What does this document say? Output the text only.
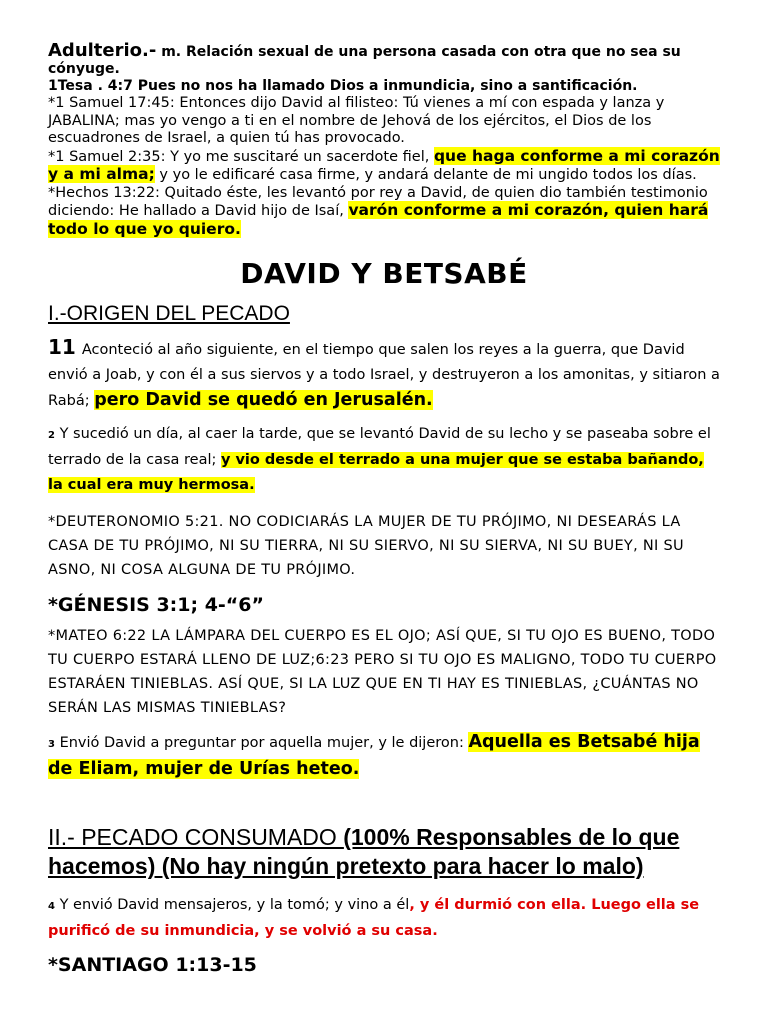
Adulterio.- m. Relación sexual de una persona casada con otra que no sea su cónyuge.
1Tesa . 4:7 Pues no nos ha llamado Dios a inmundicia, sino a santificación.

*1 Samuel 17:45: Entonces dijo David al filisteo: Tú vienes a mí con espada y lanza y JABALINA; mas yo vengo a ti en el nombre de Jehová de los ejércitos, el Dios de los escuadrones de Israel, a quien tú has provocado.

*1 Samuel 2:35: Y yo me suscitaré un sacerdote fiel, que haga conforme a mi corazón y a mi alma; y yo le edificaré casa firme, y andará delante de mi ungido todos los días.

*Hechos 13:22: Quitado éste, les levantó por rey a David, de quien dio también testimonio diciendo: He hallado a David hijo de Isaí, varón conforme a mi corazón, quien hará todo lo que yo quiero.

DAVID Y BETSABÉ

I.-ORIGEN DEL PECADO

11 Aconteció al año siguiente, en el tiempo que salen los reyes a la guerra, que David envió a Joab, y con él a sus siervos y a todo Israel, y destruyeron a los amonitas, y sitiaron a Rabá; pero David se quedó en Jerusalén.

2 Y sucedió un día, al caer la tarde, que se levantó David de su lecho y se paseaba sobre el terrado de la casa real; y vio desde el terrado a una mujer que se estaba bañando, la cual era muy hermosa.

*DEUTERONOMIO 5:21. NO CODICIARÁS LA MUJER DE TU PRÓJIMO, NI DESEARÁS LA CASA DE TU PRÓJIMO, NI SU TIERRA, NI SU SIERVO, NI SU SIERVA, NI SU BUEY, NI SU ASNO, NI COSA ALGUNA DE TU PRÓJIMO.

*GÉNESIS 3:1; 4-“6”

*MATEO 6:22 LA LÁMPARA DEL CUERPO ES EL OJO; ASÍ QUE, SI TU OJO ES BUENO, TODO TU CUERPO ESTARÁ LLENO DE LUZ;6:23 PERO SI TU OJO ES MALIGNO, TODO TU CUERPO ESTARÁEN TINIEBLAS. ASÍ QUE, SI LA LUZ QUE EN TI HAY ES TINIEBLAS, ¿CUÁNTAS NO SERÁN LAS MISMAS TINIEBLAS?

3 Envió David a preguntar por aquella mujer, y le dijeron: Aquella es Betsabé hija de Eliam, mujer de Urías heteo.

II.- PECADO CONSUMADO (100% Responsables de lo que hacemos) (No hay ningún pretexto para hacer lo malo)

4 Y envió David mensajeros, y la tomó; y vino a él, y él durmió con ella. Luego ella se purificó de su inmundicia, y se volvió a su casa.

*SANTIAGO 1:13-15
